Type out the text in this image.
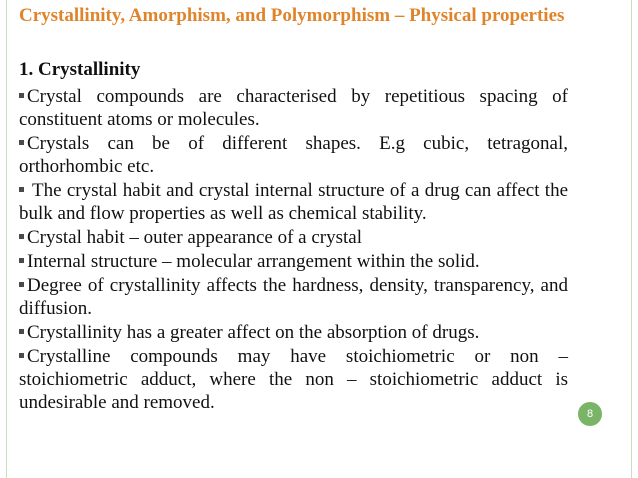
Crystallinity, Amorphism, and Polymorphism – Physical properties
1. Crystallinity

Crystal compounds are characterised by repetitious spacing of constituent atoms or molecules.

Crystals can be of different shapes. E.g cubic, tetragonal, orthorhombic etc.

The crystal habit and crystal internal structure of a drug can affect the bulk and flow properties as well as chemical stability.

Crystal habit – outer appearance of a crystal

Internal structure – molecular arrangement within the solid.

Degree of crystallinity affects the hardness, density, transparency, and diffusion.

Crystallinity has a greater affect on the absorption of drugs.

Crystalline compounds may have stoichiometric or non – stoichiometric adduct, where the non – stoichiometric adduct is undesirable and removed.

8
